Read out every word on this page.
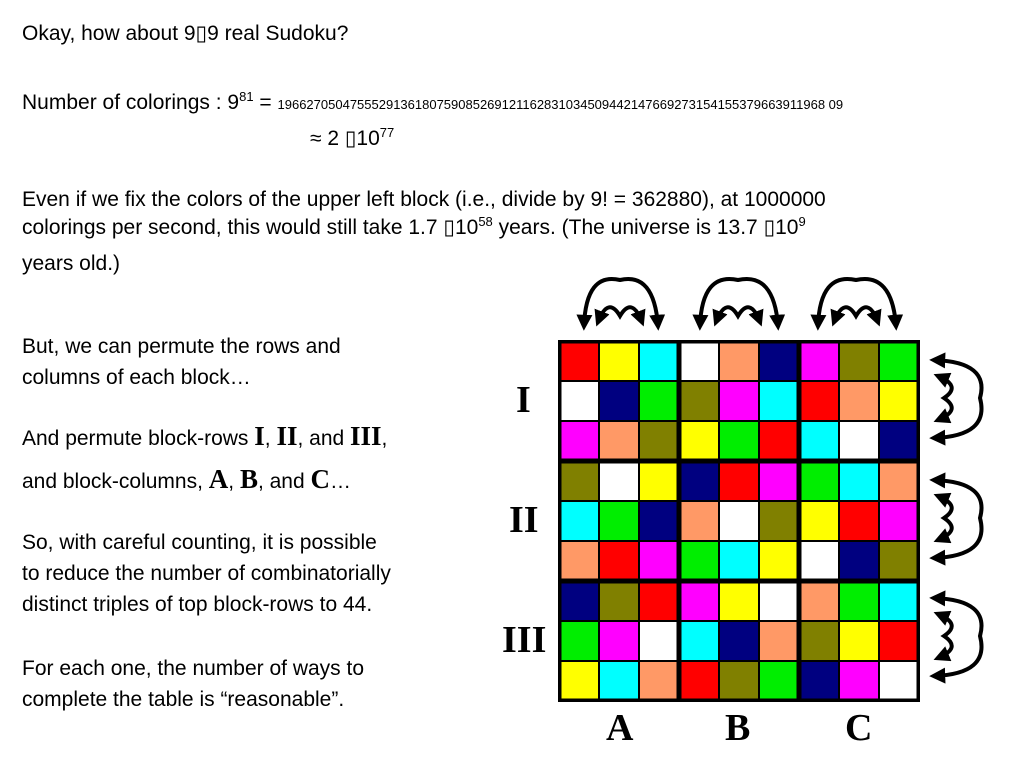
Okay, how about 9▯9 real Sudoku?
Number of colorings : $9^{81} = 1966270504755529136180759085269121162831034509442147669273154155379663911968$ 09
≈ 2 $▯10^{77}$
Even if we fix the colors of the upper left block (i.e., divide by 9! = 362880), at 1000000
colorings per second, this would still take 1.7 $▯10^{58}$ years. (The universe is 13.7 $▯10^9$
years old.)
But, we can permute the rows and
columns of each block…
And permute block-rows I, II, and III,
and block-columns, A, B, and C…
So, with careful counting, it is possible
to reduce the number of combinatorially
distinct triples of top block-rows to 44.
For each one, the number of ways to
complete the table is “reasonable”.
I
II
III
A B C
